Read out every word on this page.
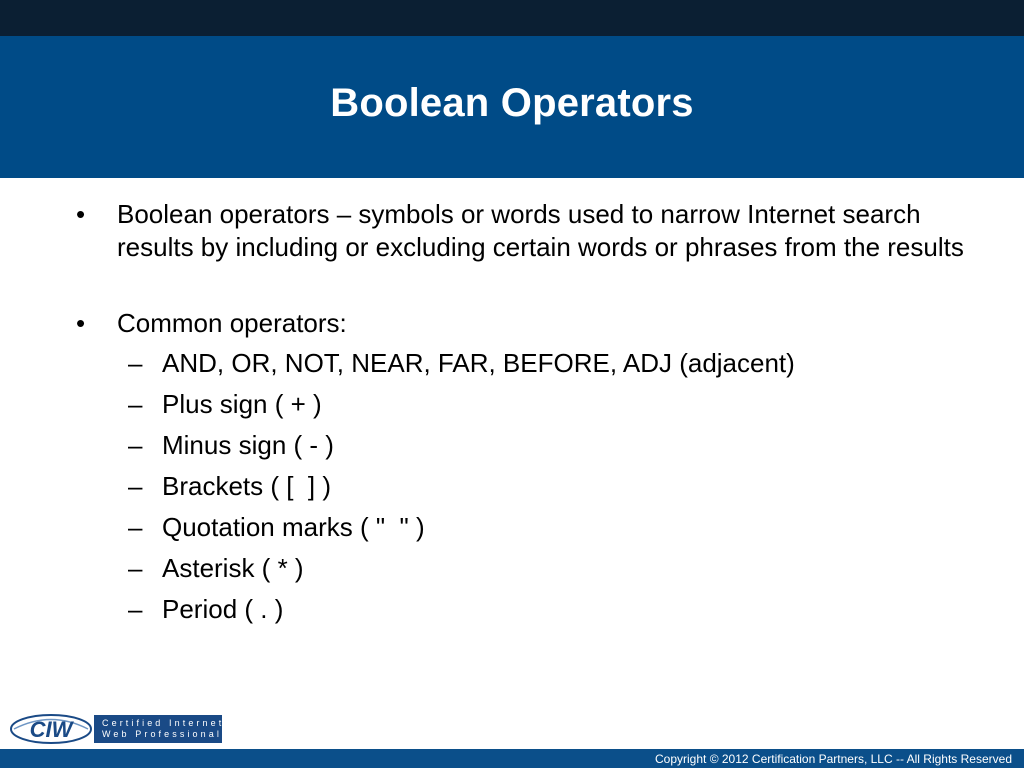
Boolean Operators
• Boolean operators – symbols or words used to narrow Internet search results by including or excluding certain words or phrases from the results
• Common operators:
– AND, OR, NOT, NEAR, FAR, BEFORE, ADJ (adjacent)
– Plus sign ( + )
– Minus sign ( - )
– Brackets ( [  ] )
– Quotation marks ( "  " )
– Asterisk ( * )
– Period ( . )
CIW	Certified Internet
Web Professional
Copyright © 2012 Certification Partners, LLC -- All Rights Reserved
